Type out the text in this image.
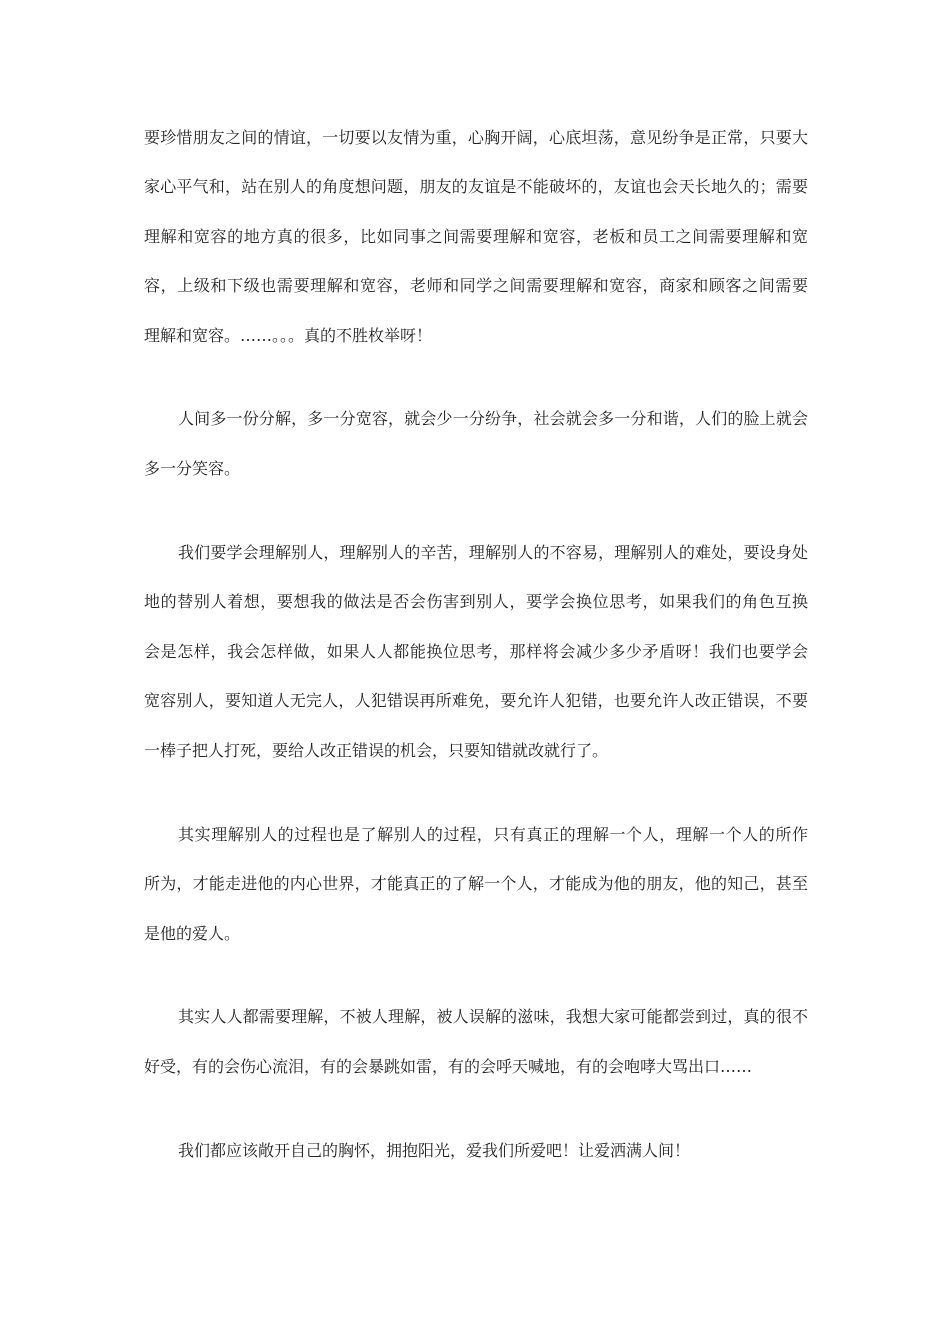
要珍惜朋友之间的情谊，一切要以友情为重，心胸开阔，心底坦荡，意见纷争是正常，只要大
家心平气和，站在别人的角度想问题，朋友的友谊是不能破坏的，友谊也会天长地久的；需要
理解和宽容的地方真的很多，比如同事之间需要理解和宽容，老板和员工之间需要理解和宽
容，上级和下级也需要理解和宽容，老师和同学之间需要理解和宽容，商家和顾客之间需要
理解和宽容。……。。。真的不胜枚举呀！
人间多一份分解，多一分宽容，就会少一分纷争，社会就会多一分和谐，人们的脸上就会
多一分笑容。
我们要学会理解别人，理解别人的辛苦，理解别人的不容易，理解别人的难处，要设身处
地的替别人着想，要想我的做法是否会伤害到别人，要学会换位思考，如果我们的角色互换
会是怎样，我会怎样做，如果人人都能换位思考，那样将会减少多少矛盾呀！我们也要学会
宽容别人，要知道人无完人，人犯错误再所难免，要允许人犯错，也要允许人改正错误，不要
一棒子把人打死，要给人改正错误的机会，只要知错就改就行了。
其实理解别人的过程也是了解别人的过程，只有真正的理解一个人，理解一个人的所作
所为，才能走进他的内心世界，才能真正的了解一个人，才能成为他的朋友，他的知己，甚至
是他的爱人。
其实人人都需要理解，不被人理解，被人误解的滋味，我想大家可能都尝到过，真的很不
好受，有的会伤心流泪，有的会暴跳如雷，有的会呼天喊地，有的会咆哮大骂出口……
我们都应该敞开自己的胸怀，拥抱阳光，爱我们所爱吧！让爱洒满人间！
